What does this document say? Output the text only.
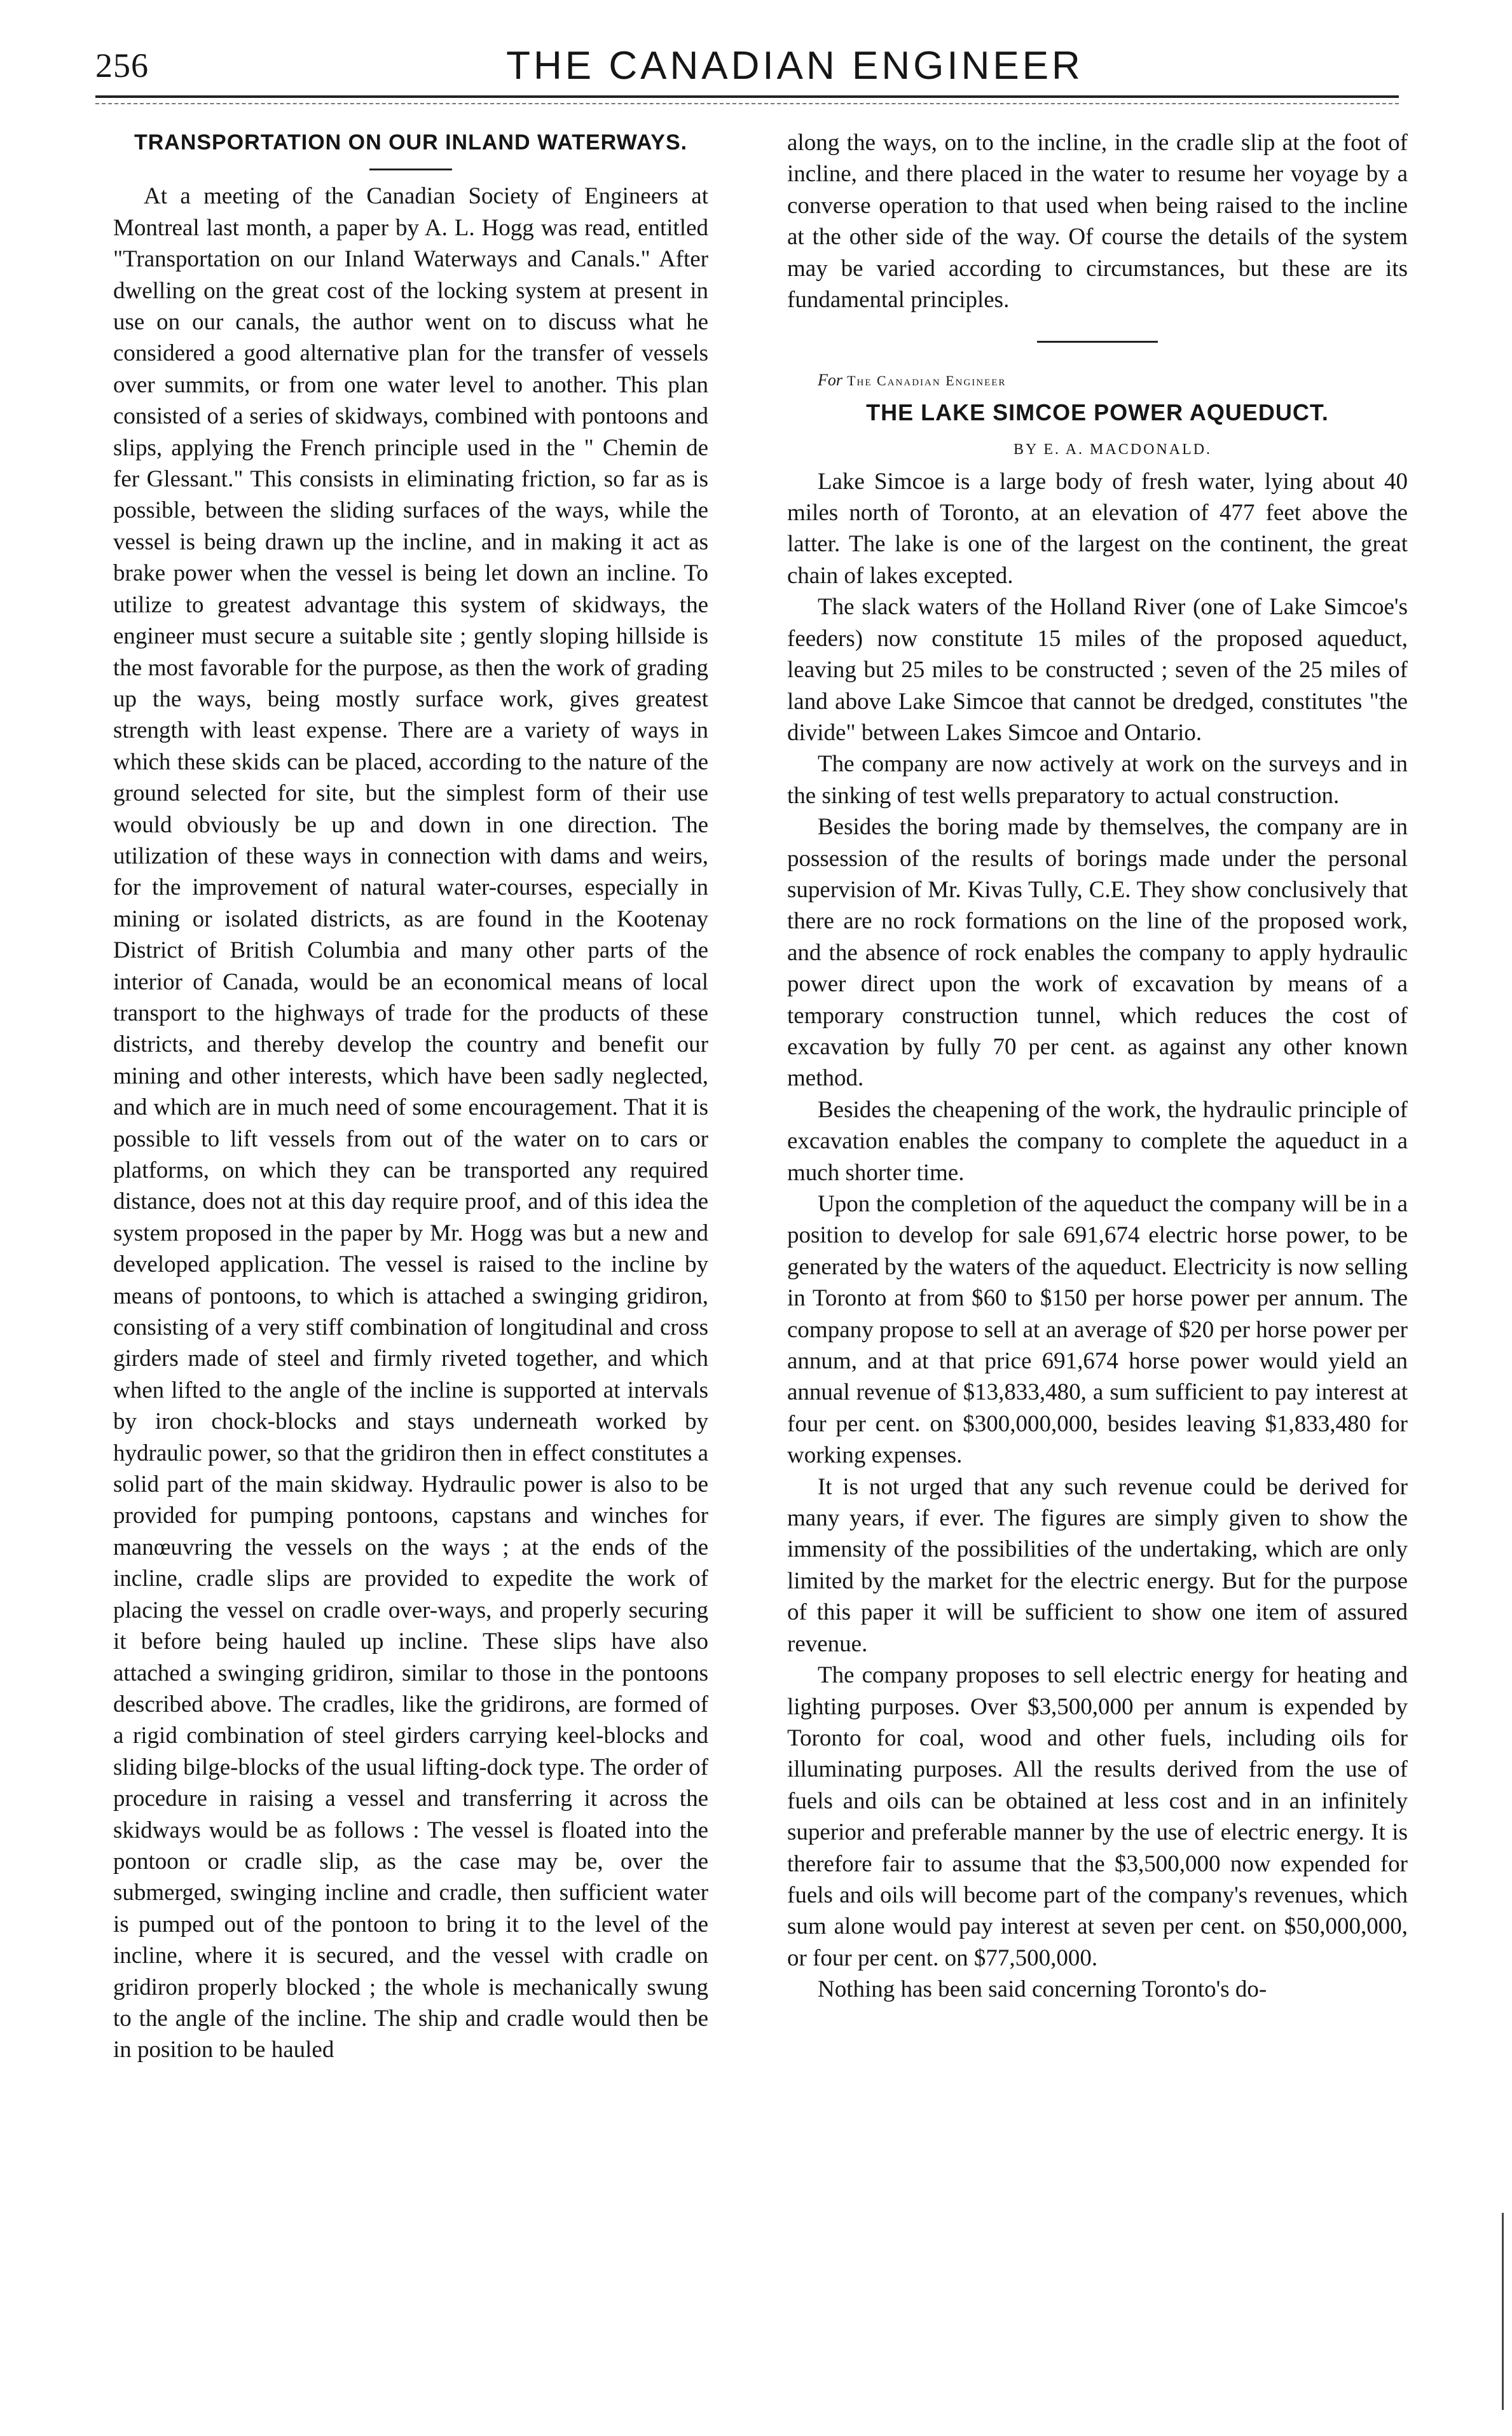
256	THE CANADIAN ENGINEER
TRANSPORTATION ON OUR INLAND WATERWAYS.

At a meeting of the Canadian Society of Engineers at Montreal last month, a paper by A. L. Hogg was read, entitled "Transportation on our Inland Waterways and Canals." After dwelling on the great cost of the locking system at present in use on our canals, the author went on to discuss what he considered a good alternative plan for the transfer of vessels over summits, or from one water level to another. This plan consisted of a series of skidways, combined with pontoons and slips, applying the French principle used in the " Chemin de fer Glessant." This consists in eliminating friction, so far as is possible, between the sliding surfaces of the ways, while the vessel is being drawn up the incline, and in making it act as brake power when the vessel is being let down an incline. To utilize to greatest advantage this system of skidways, the engineer must secure a suitable site ; gently sloping hillside is the most favorable for the purpose, as then the work of grading up the ways, being mostly surface work, gives greatest strength with least expense. There are a variety of ways in which these skids can be placed, according to the nature of the ground selected for site, but the simplest form of their use would obviously be up and down in one direction. The utilization of these ways in connection with dams and weirs, for the improvement of natural water-courses, especially in mining or isolated districts, as are found in the Kootenay District of British Columbia and many other parts of the interior of Canada, would be an economical means of local transport to the highways of trade for the products of these districts, and thereby develop the country and benefit our mining and other interests, which have been sadly neglected, and which are in much need of some encouragement. That it is possible to lift vessels from out of the water on to cars or platforms, on which they can be transported any required distance, does not at this day require proof, and of this idea the system proposed in the paper by Mr. Hogg was but a new and developed application. The vessel is raised to the incline by means of pontoons, to which is attached a swinging gridiron, consisting of a very stiff combination of longitudinal and cross girders made of steel and firmly riveted together, and which when lifted to the angle of the incline is supported at intervals by iron chock-blocks and stays underneath worked by hydraulic power, so that the gridiron then in effect constitutes a solid part of the main skidway. Hydraulic power is also to be provided for pumping pontoons, capstans and winches for manœuvring the vessels on the ways ; at the ends of the incline, cradle slips are provided to expedite the work of placing the vessel on cradle over-ways, and properly securing it before being hauled up incline. These slips have also attached a swinging gridiron, similar to those in the pontoons described above. The cradles, like the gridirons, are formed of a rigid combination of steel girders carrying keel-blocks and sliding bilge-blocks of the usual lifting-dock type. The order of procedure in raising a vessel and transferring it across the skidways would be as follows : The vessel is floated into the pontoon or cradle slip, as the case may be, over the submerged, swinging incline and cradle, then sufficient water is pumped out of the pontoon to bring it to the level of the incline, where it is secured, and the vessel with cradle on gridiron properly blocked ; the whole is mechanically swung to the angle of the incline. The ship and cradle would then be in position to be hauled

along the ways, on to the incline, in the cradle slip at the foot of incline, and there placed in the water to resume her voyage by a converse operation to that used when being raised to the incline at the other side of the way. Of course the details of the system may be varied according to circumstances, but these are its fundamental principles.

For The Canadian Engineer

THE LAKE SIMCOE POWER AQUEDUCT.

BY E. A. MACDONALD.

Lake Simcoe is a large body of fresh water, lying about 40 miles north of Toronto, at an elevation of 477 feet above the latter. The lake is one of the largest on the continent, the great chain of lakes excepted.

The slack waters of the Holland River (one of Lake Simcoe's feeders) now constitute 15 miles of the proposed aqueduct, leaving but 25 miles to be constructed ; seven of the 25 miles of land above Lake Simcoe that cannot be dredged, constitutes "the divide" between Lakes Simcoe and Ontario.

The company are now actively at work on the surveys and in the sinking of test wells preparatory to actual construction.

Besides the boring made by themselves, the company are in possession of the results of borings made under the personal supervision of Mr. Kivas Tully, C.E. They show conclusively that there are no rock formations on the line of the proposed work, and the absence of rock enables the company to apply hydraulic power direct upon the work of excavation by means of a temporary construction tunnel, which reduces the cost of excavation by fully 70 per cent. as against any other known method.

Besides the cheapening of the work, the hydraulic principle of excavation enables the company to complete the aqueduct in a much shorter time.

Upon the completion of the aqueduct the company will be in a position to develop for sale 691,674 electric horse power, to be generated by the waters of the aqueduct. Electricity is now selling in Toronto at from $60 to $150 per horse power per annum. The company propose to sell at an average of $20 per horse power per annum, and at that price 691,674 horse power would yield an annual revenue of $13,833,480, a sum sufficient to pay interest at four per cent. on $300,000,000, besides leaving $1,833,480 for working expenses.

It is not urged that any such revenue could be derived for many years, if ever. The figures are simply given to show the immensity of the possibilities of the undertaking, which are only limited by the market for the electric energy. But for the purpose of this paper it will be sufficient to show one item of assured revenue.

The company proposes to sell electric energy for heating and lighting purposes. Over $3,500,000 per annum is expended by Toronto for coal, wood and other fuels, including oils for illuminating purposes. All the results derived from the use of fuels and oils can be obtained at less cost and in an infinitely superior and preferable manner by the use of electric energy. It is therefore fair to assume that the $3,500,000 now expended for fuels and oils will become part of the company's revenues, which sum alone would pay interest at seven per cent. on $50,000,000, or four per cent. on $77,500,000.

Nothing has been said concerning Toronto's do-
